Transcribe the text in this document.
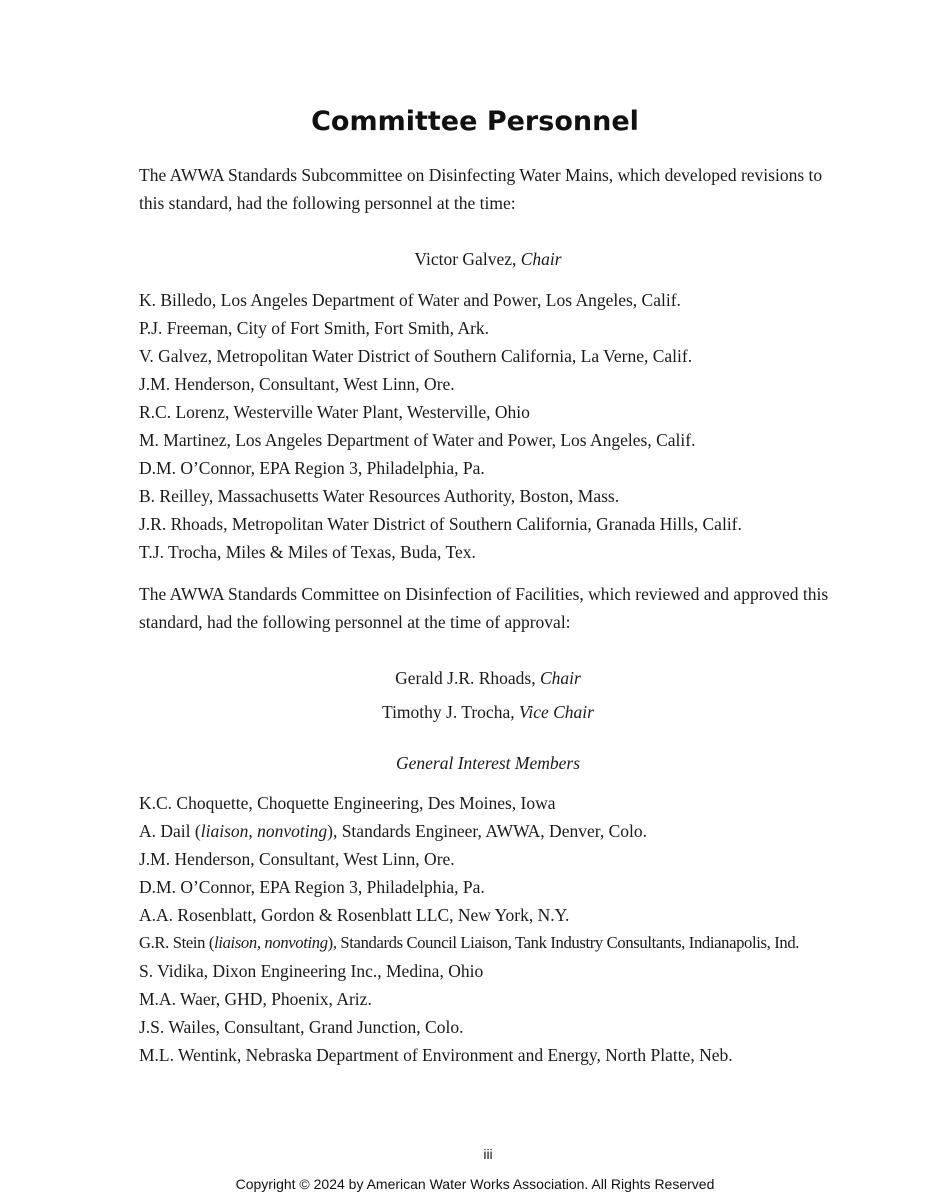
Committee Personnel

The AWWA Standards Subcommittee on Disinfecting Water Mains, which developed revisions to this standard, had the following personnel at the time:

Victor Galvez, Chair
K. Billedo, Los Angeles Department of Water and Power, Los Angeles, Calif.
P.J. Freeman, City of Fort Smith, Fort Smith, Ark.
V. Galvez, Metropolitan Water District of Southern California, La Verne, Calif.
J.M. Henderson, Consultant, West Linn, Ore.
R.C. Lorenz, Westerville Water Plant, Westerville, Ohio
M. Martinez, Los Angeles Department of Water and Power, Los Angeles, Calif.
D.M. O’Connor, EPA Region 3, Philadelphia, Pa.
B. Reilley, Massachusetts Water Resources Authority, Boston, Mass.
J.R. Rhoads, Metropolitan Water District of Southern California, Granada Hills, Calif.
T.J. Trocha, Miles & Miles of Texas, Buda, Tex.

The AWWA Standards Committee on Disinfection of Facilities, which reviewed and approved this standard, had the following personnel at the time of approval:

Gerald J.R. Rhoads, Chair
Timothy J. Trocha, Vice Chair
General Interest Members
K.C. Choquette, Choquette Engineering, Des Moines, Iowa
A. Dail (liaison, nonvoting), Standards Engineer, AWWA, Denver, Colo.
J.M. Henderson, Consultant, West Linn, Ore.
D.M. O’Connor, EPA Region 3, Philadelphia, Pa.
A.A. Rosenblatt, Gordon & Rosenblatt LLC, New York, N.Y.
G.R. Stein (liaison, nonvoting), Standards Council Liaison, Tank Industry Consultants, Indianapolis, Ind.
S. Vidika, Dixon Engineering Inc., Medina, Ohio
M.A. Waer, GHD, Phoenix, Ariz.
J.S. Wailes, Consultant, Grand Junction, Colo.
M.L. Wentink, Nebraska Department of Environment and Energy, North Platte, Neb.
iii
Copyright © 2024 by American Water Works Association. All Rights Reserved
